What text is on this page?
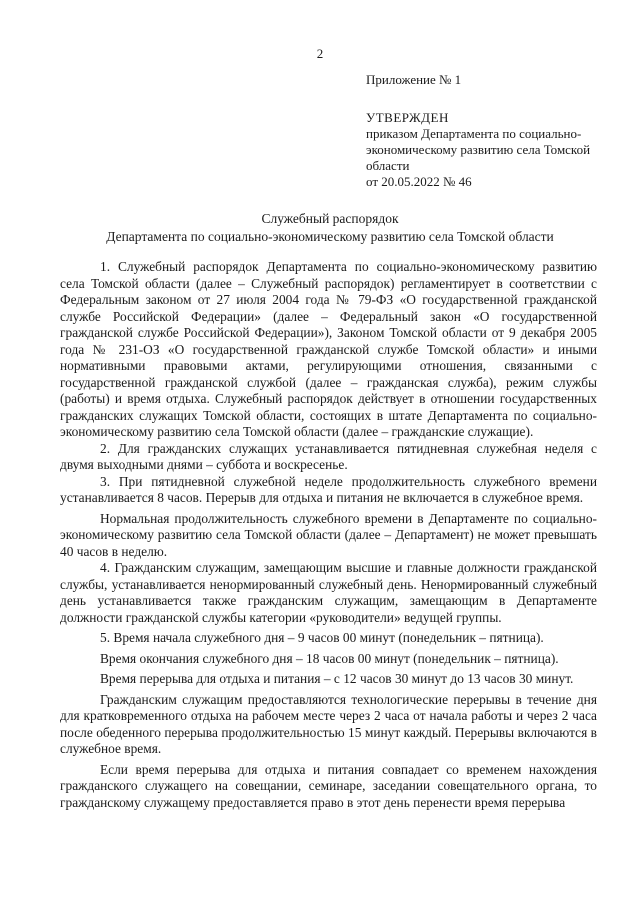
2
Приложение № 1
УТВЕРЖДЕН
приказом Департамента по социально-
экономическому развитию села Томской
области
от 20.05.2022 № 46
Служебный распорядок
Департамента по социально-экономическому развитию села Томской области

1. Служебный распорядок Департамента по социально-экономическому развитию села Томской области (далее – Служебный распорядок) регламентирует в соответствии с Федеральным законом от 27 июля 2004 года № 79-ФЗ «О государственной гражданской службе Российской Федерации» (далее – Федеральный закон «О государственной гражданской службе Российской Федерации»), Законом Томской области от 9 декабря 2005 года № 231-ОЗ «О государственной гражданской службе Томской области» и иными нормативными правовыми актами, регулирующими отношения, связанными с государственной гражданской службой (далее – гражданская служба), режим службы (работы) и время отдыха. Служебный распорядок действует в отношении государственных гражданских служащих Томской области, состоящих в штате Департамента по социально-экономическому развитию села Томской области (далее – гражданские служащие).

2. Для гражданских служащих устанавливается пятидневная служебная неделя с двумя выходными днями – суббота и воскресенье.

3. При пятидневной служебной неделе продолжительность служебного времени устанавливается 8 часов. Перерыв для отдыха и питания не включается в служебное время.

Нормальная продолжительность служебного времени в Департаменте по социально-экономическому развитию села Томской области (далее – Департамент) не может превышать 40 часов в неделю.

4. Гражданским служащим, замещающим высшие и главные должности гражданской службы, устанавливается ненормированный служебный день. Ненормированный служебный день устанавливается также гражданским служащим, замещающим в Департаменте должности гражданской службы категории «руководители» ведущей группы.

5. Время начала служебного дня – 9 часов 00 минут (понедельник – пятница).

Время окончания служебного дня – 18 часов 00 минут (понедельник – пятница).

Время перерыва для отдыха и питания – с 12 часов 30 минут до 13 часов 30 минут.

Гражданским служащим предоставляются технологические перерывы в течение дня для кратковременного отдыха на рабочем месте через 2 часа от начала работы и через 2 часа после обеденного перерыва продолжительностью 15 минут каждый. Перерывы включаются в служебное время.

Если время перерыва для отдыха и питания совпадает со временем нахождения гражданского служащего на совещании, семинаре, заседании совещательного органа, то гражданскому служащему предоставляется право в этот день перенести время перерыва
